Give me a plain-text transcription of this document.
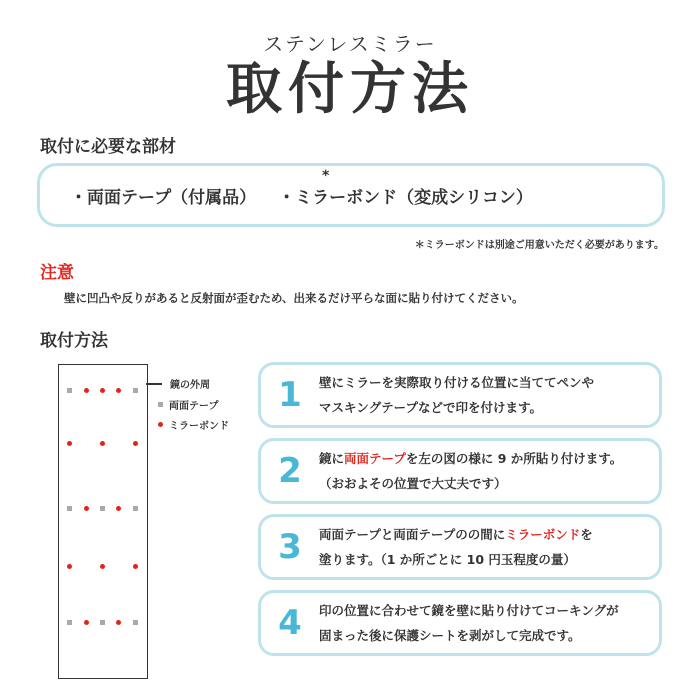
ステンレスミラー
取付方法
取付に必要な部材
・両面テープ（付属品） ・ミラーボンド（変成シリコン）
*
＊ミラーボンドは別途ご用意いただく必要があります。
注意
壁に凹凸や反りがあると反射面が歪むため、出来るだけ平らな面に貼り付けてください。
取付方法
鏡の外周
両面テープ
ミラーボンド
1	壁にミラーを実際取り付ける位置に当ててペンや
マスキングテープなどで印を付けます。
2	鏡に両面テープを左の図の様に 9 か所貼り付けます。
（おおよその位置で大丈夫です）
3	両面テープと両面テープのの間にミラーボンドを
塗ります。（1 か所ごとに 10 円玉程度の量）
4	印の位置に合わせて鏡を壁に貼り付けてコーキングが
固まった後に保護シートを剥がして完成です。
